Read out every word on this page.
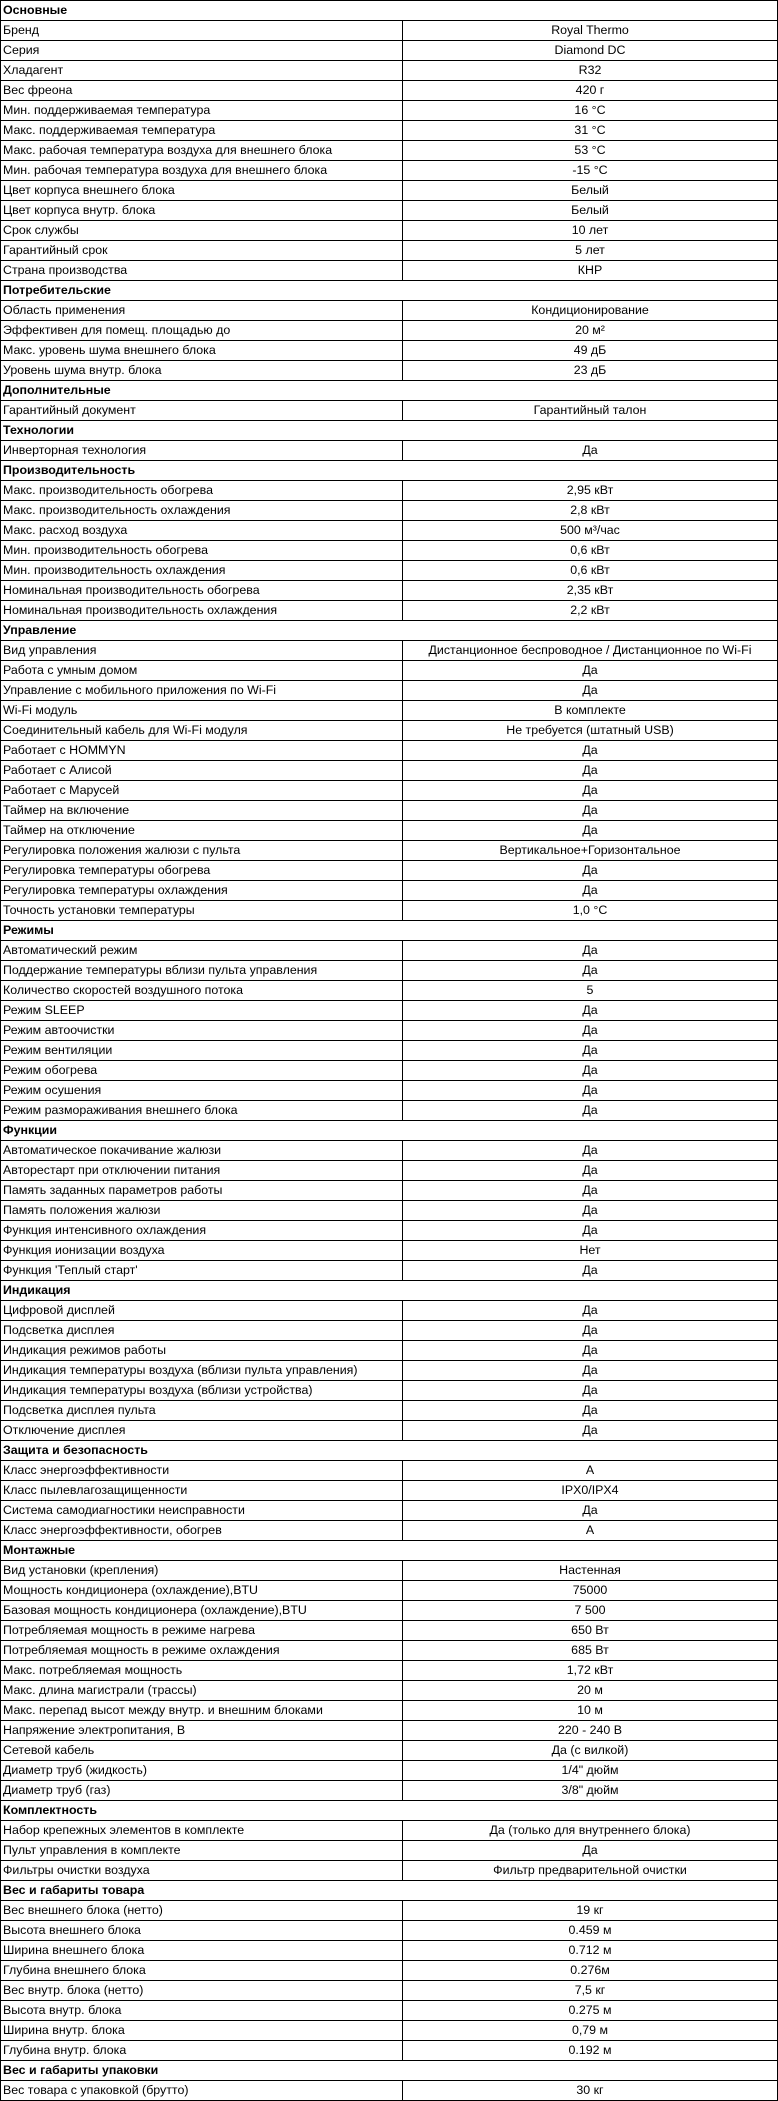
Основные	
Бренд	Royal Thermo
Серия	Diamond DC
Хладагент	R32
Вес фреона	420 г
Мин. поддерживаемая температура	16 °С
Макс. поддерживаемая температура	31 °С
Макс. рабочая температура воздуха для внешнего блока	53 °С
Мин. рабочая температура воздуха для внешнего блока	-15 °С
Цвет корпуса внешнего блока	Белый
Цвет корпуса внутр. блока	Белый
Срок службы	10 лет
Гарантийный срок	5 лет
Страна производства	КНР
Потребительские	
Область применения	Кондиционирование
Эффективен для помещ. площадью до	20 м²
Макс. уровень шума внешнего блока	49 дБ
Уровень шума внутр. блока	23 дБ
Дополнительные	
Гарантийный документ	Гарантийный талон
Технологии	
Инверторная технология	Да
Производительность	
Макс. производительность обогрева	2,95 кВт
Макс. производительность охлаждения	2,8 кВт
Макс. расход воздуха	500 м³/час
Мин. производительность обогрева	0,6 кВт
Мин. производительность охлаждения	0,6 кВт
Номинальная производительность обогрева	2,35 кВт
Номинальная производительность охлаждения	2,2 кВт
Управление	
Вид управления	Дистанционное беспроводное / Дистанционное по Wi-Fi
Работа с умным домом	Да
Управление с мобильного приложения по Wi-Fi	Да
Wi-Fi модуль	В комплекте
Соединительный кабель для Wi-Fi модуля	Не требуется (штатный USB)
Работает с HOMMYN	Да
Работает с Алисой	Да
Работает с Марусей	Да
Таймер на включение	Да
Таймер на отключение	Да
Регулировка положения жалюзи с пульта	Вертикальное+Горизонтальное
Регулировка температуры обогрева	Да
Регулировка температуры охлаждения	Да
Точность установки температуры	1,0 °С
Режимы	
Автоматический режим	Да
Поддержание температуры вблизи пульта управления	Да
Количество скоростей воздушного потока	5
Режим SLEEP	Да
Режим автоочистки	Да
Режим вентиляции	Да
Режим обогрева	Да
Режим осушения	Да
Режим размораживания внешнего блока	Да
Функции	
Автоматическое покачивание жалюзи	Да
Авторестарт при отключении питания	Да
Память заданных параметров работы	Да
Память положения жалюзи	Да
Функция интенсивного охлаждения	Да
Функция ионизации воздуха	Нет
Функция 'Теплый старт'	Да
Индикация	
Цифровой дисплей	Да
Подсветка дисплея	Да
Индикация режимов работы	Да
Индикация температуры воздуха (вблизи пульта управления)	Да
Индикация температуры воздуха (вблизи устройства)	Да
Подсветка дисплея пульта	Да
Отключение дисплея	Да
Защита и безопасность	
Класс энергоэффективности	A
Класс пылевлагозащищенности	IPX0/IPX4
Система самодиагностики неисправности	Да
Класс энергоэффективности, обогрев	A
Монтажные	
Вид установки (крепления)	Настенная
Мощность кондиционера (охлаждение),BTU	75000
Базовая мощность кондиционера (охлаждение),BTU	7 500
Потребляемая мощность в режиме нагрева	650 Вт
Потребляемая мощность в режиме охлаждения	685 Вт
Макс. потребляемая мощность	1,72 кВт
Макс. длина магистрали (трассы)	20 м
Макс. перепад высот между внутр. и внешним блоками	10 м
Напряжение электропитания, В	220 - 240 В
Сетевой кабель	Да (с вилкой)
Диаметр труб (жидкость)	1/4" дюйм
Диаметр труб (газ)	3/8" дюйм
Комплектность	
Набор крепежных элементов в комплекте	Да (только для внутреннего блока)
Пульт управления в комплекте	Да
Фильтры очистки воздуха	Фильтр предварительной очистки
Вес и габариты товара	
Вес внешнего блока (нетто)	19 кг
Высота внешнего блока	0.459 м
Ширина внешнего блока	0.712 м
Глубина внешнего блока	0.276м
Вес внутр. блока (нетто)	7,5 кг
Высота внутр. блока	0.275 м
Ширина внутр. блока	0,79 м
Глубина внутр. блока	0.192 м
Вес и габариты упаковки	
Вес товара с упаковкой (брутто)	30 кг
